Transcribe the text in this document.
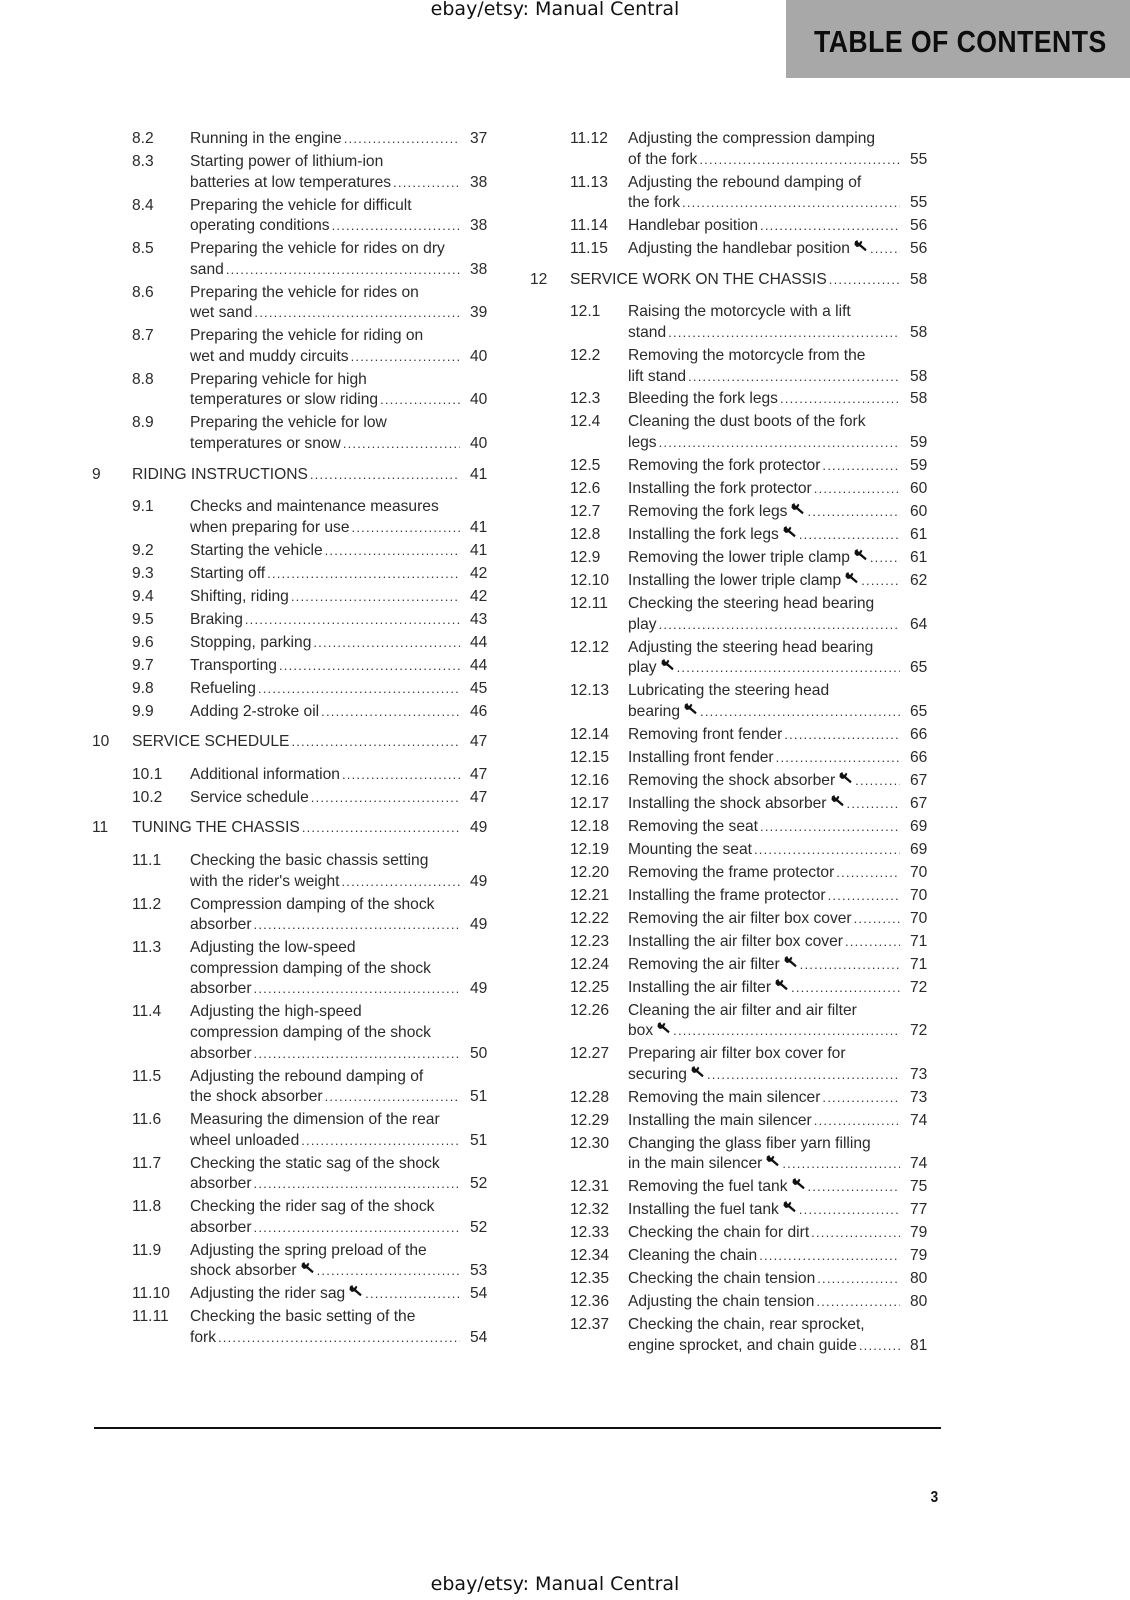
ebay/etsy: Manual Central
TABLE OF CONTENTS
8.2 Running in the engine .....	37
8.3 Starting power of lithium-ion
batteries at low temperatures .....	38
8.4 Preparing the vehicle for difficult
operating conditions .....	38
8.5 Preparing the vehicle for rides on dry
sand .....	38
8.6 Preparing the vehicle for rides on
wet sand .....	39
8.7 Preparing the vehicle for riding on
wet and muddy circuits .....	40
8.8 Preparing vehicle for high
temperatures or slow riding .....	40
8.9 Preparing the vehicle for low
temperatures or snow .....	40
9 RIDING INSTRUCTIONS .....	41
9.1 Checks and maintenance measures
when preparing for use .....	41
9.2 Starting the vehicle .....	41
9.3 Starting off .....	42
9.4 Shifting, riding .....	42
9.5 Braking .....	43
9.6 Stopping, parking .....	44
9.7 Transporting .....	44
9.8 Refueling .....	45
9.9 Adding 2-stroke oil .....	46
10 SERVICE SCHEDULE .....	47
10.1 Additional information .....	47
10.2 Service schedule .....	47
11 TUNING THE CHASSIS .....	49
11.1 Checking the basic chassis setting
with the rider's weight .....	49
11.2 Compression damping of the shock
absorber .....	49
11.3 Adjusting the low-speed
compression damping of the shock
absorber .....	49
11.4 Adjusting the high-speed
compression damping of the shock
absorber .....	50
11.5 Adjusting the rebound damping of
the shock absorber .....	51
11.6 Measuring the dimension of the rear
wheel unloaded .....	51
11.7 Checking the static sag of the shock
absorber .....	52
11.8 Checking the rider sag of the shock
absorber .....	52
11.9 Adjusting the spring preload of the
shock absorber .....	53
11.10 Adjusting the rider sag .....	54
11.11 Checking the basic setting of the
fork .....	54
11.12 Adjusting the compression damping
of the fork .....	55
11.13 Adjusting the rebound damping of
the fork .....	55
11.14 Handlebar position .....	56
11.15 Adjusting the handlebar position .....	56
12 SERVICE WORK ON THE CHASSIS .....	58
12.1 Raising the motorcycle with a lift
stand .....	58
12.2 Removing the motorcycle from the
lift stand .....	58
12.3 Bleeding the fork legs .....	58
12.4 Cleaning the dust boots of the fork
legs .....	59
12.5 Removing the fork protector .....	59
12.6 Installing the fork protector .....	60
12.7 Removing the fork legs .....	60
12.8 Installing the fork legs .....	61
12.9 Removing the lower triple clamp .....	61
12.10 Installing the lower triple clamp .....	62
12.11 Checking the steering head bearing
play .....	64
12.12 Adjusting the steering head bearing
play .....	65
12.13 Lubricating the steering head
bearing .....	65
12.14 Removing front fender .....	66
12.15 Installing front fender .....	66
12.16 Removing the shock absorber .....	67
12.17 Installing the shock absorber .....	67
12.18 Removing the seat .....	69
12.19 Mounting the seat .....	69
12.20 Removing the frame protector .....	70
12.21 Installing the frame protector .....	70
12.22 Removing the air filter box cover .....	70
12.23 Installing the air filter box cover .....	71
12.24 Removing the air filter .....	71
12.25 Installing the air filter .....	72
12.26 Cleaning the air filter and air filter
box .....	72
12.27 Preparing air filter box cover for
securing .....	73
12.28 Removing the main silencer .....	73
12.29 Installing the main silencer .....	74
12.30 Changing the glass fiber yarn filling
in the main silencer .....	74
12.31 Removing the fuel tank .....	75
12.32 Installing the fuel tank .....	77
12.33 Checking the chain for dirt .....	79
12.34 Cleaning the chain .....	79
12.35 Checking the chain tension .....	80
12.36 Adjusting the chain tension .....	80
12.37 Checking the chain, rear sprocket,
engine sprocket, and chain guide .....	81
3
ebay/etsy: Manual Central
